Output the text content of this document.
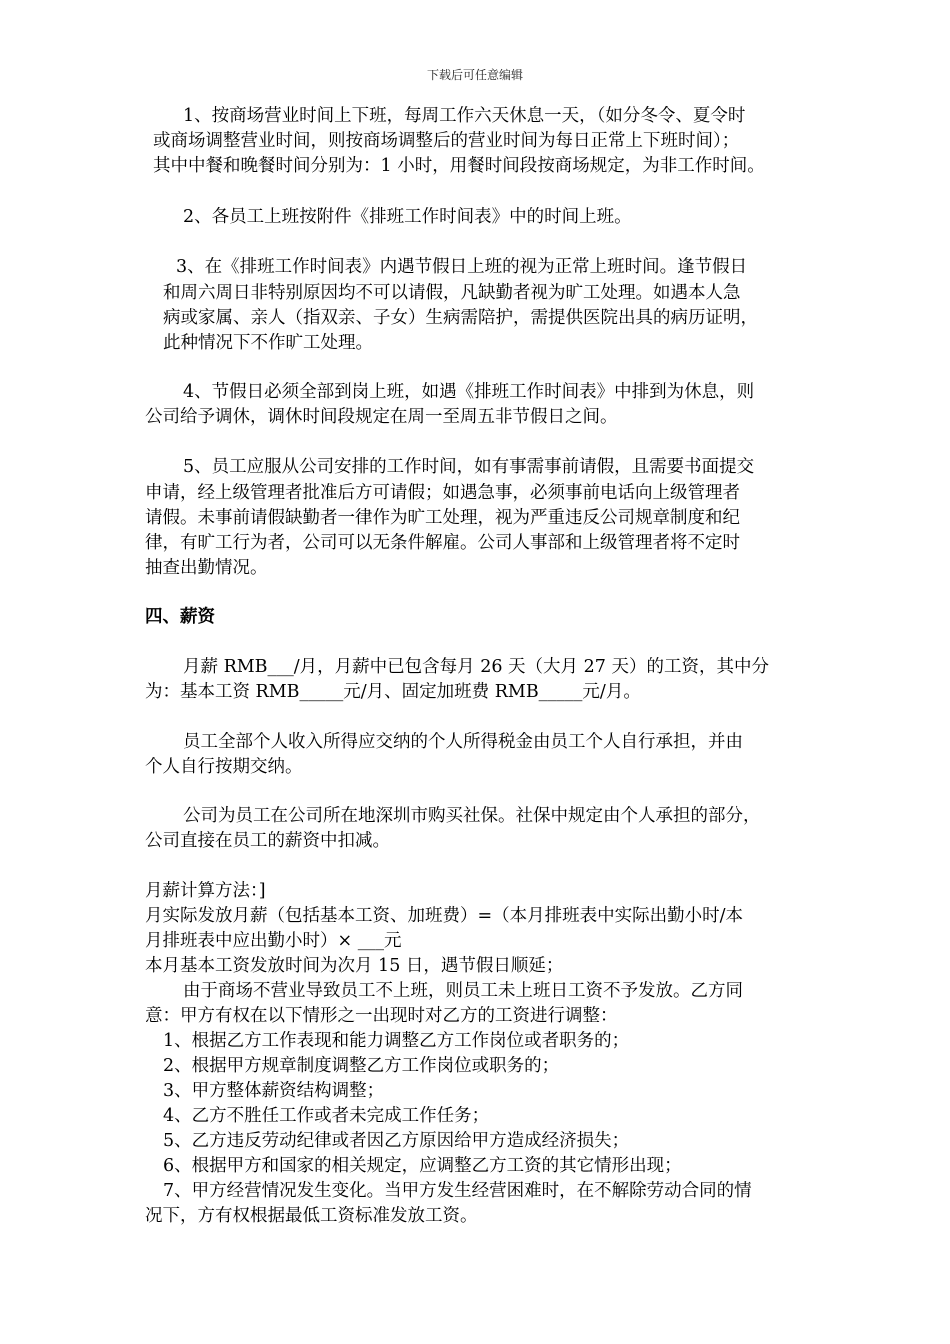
下载后可任意编辑
1、按商场营业时间上下班，每周工作六天休息一天，（如分冬令、夏令时
或商场调整营业时间，则按商场调整后的营业时间为每日正常上下班时间）；
其中中餐和晚餐时间分别为：1 小时，用餐时间段按商场规定，为非工作时间。
2、各员工上班按附件《排班工作时间表》中的时间上班。
3、在《排班工作时间表》内遇节假日上班的视为正常上班时间。逢节假日
和周六周日非特别原因均不可以请假，凡缺勤者视为旷工处理。如遇本人急
病或家属、亲人（指双亲、子女）生病需陪护，需提供医院出具的病历证明，
此种情况下不作旷工处理。
4、节假日必须全部到岗上班，如遇《排班工作时间表》中排到为休息，则
公司给予调休，调休时间段规定在周一至周五非节假日之间。
5、员工应服从公司安排的工作时间，如有事需事前请假，且需要书面提交
申请，经上级管理者批准后方可请假；如遇急事，必须事前电话向上级管理者
请假。未事前请假缺勤者一律作为旷工处理，视为严重违反公司规章制度和纪
律，有旷工行为者，公司可以无条件解雇。公司人事部和上级管理者将不定时
抽查出勤情况。
四、薪资
月薪 RMB___/月，月薪中已包含每月 26 天（大月 27 天）的工资，其中分
为：基本工资 RMB_____元/月、固定加班费 RMB_____元/月。
员工全部个人收入所得应交纳的个人所得税金由员工个人自行承担，并由
个人自行按期交纳。
公司为员工在公司所在地深圳市购买社保。社保中规定由个人承担的部分，
公司直接在员工的薪资中扣减。
月薪计算方法：]
月实际发放月薪（包括基本工资、加班费）=（本月排班表中实际出勤小时/本
月排班表中应出勤小时）× ___元
本月基本工资发放时间为次月 15 日，遇节假日顺延；
由于商场不营业导致员工不上班，则员工未上班日工资不予发放。乙方同
意：甲方有权在以下情形之一出现时对乙方的工资进行调整：
1、根据乙方工作表现和能力调整乙方工作岗位或者职务的；
2、根据甲方规章制度调整乙方工作岗位或职务的；
3、甲方整体薪资结构调整；
4、乙方不胜任工作或者未完成工作任务；
5、乙方违反劳动纪律或者因乙方原因给甲方造成经济损失；
6、根据甲方和国家的相关规定，应调整乙方工资的其它情形出现；
7、甲方经营情况发生变化。当甲方发生经营困难时，在不解除劳动合同的情
况下，方有权根据最低工资标准发放工资。
